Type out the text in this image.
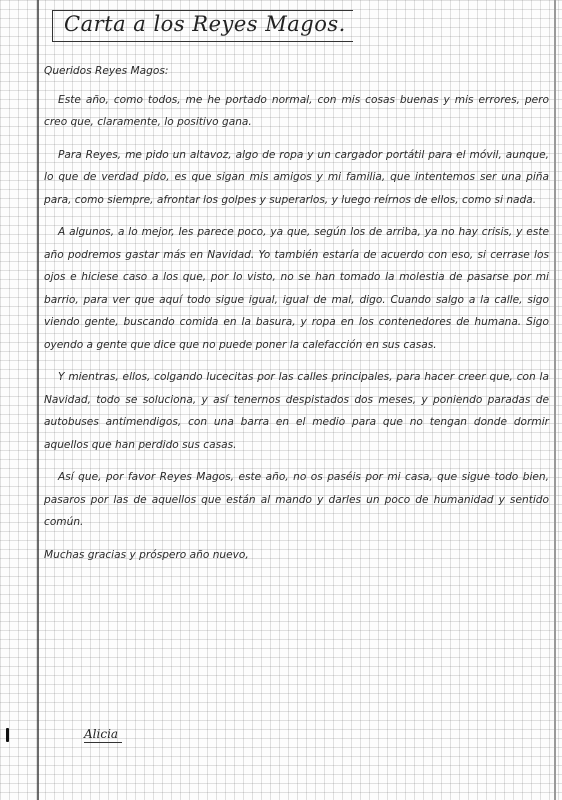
Carta a los Reyes Magos.

Queridos Reyes Magos:

Este año, como todos, me he portado normal, con mis cosas buenas y mis errores, pero creo que, claramente, lo positivo gana.

Para Reyes, me pido un altavoz, algo de ropa y un cargador portátil para el móvil, aunque, lo que de verdad pido, es que sigan mis amigos y mi familia, que intentemos ser una piña para, como siempre, afrontar los golpes y superarlos, y luego reírnos de ellos, como si nada.

A algunos, a lo mejor, les parece poco, ya que, según los de arriba, ya no hay crisis, y este año podremos gastar más en Navidad. Yo también estaría de acuerdo con eso, si cerrase los ojos e hiciese caso a los que, por lo visto, no se han tomado la molestia de pasarse por mi barrio, para ver que aquí todo sigue igual, igual de mal, digo. Cuando salgo a la calle, sigo viendo gente, buscando comida en la basura, y ropa en los contenedores de humana. Sigo oyendo a gente que dice que no puede poner la calefacción en sus casas.

Y mientras, ellos, colgando lucecitas por las calles principales, para hacer creer que, con la Navidad, todo se soluciona, y así tenernos despistados dos meses, y poniendo paradas de autobuses antimendigos, con una barra en el medio para que no tengan donde dormir aquellos que han perdido sus casas.

Así que, por favor Reyes Magos, este año, no os paséis por mi casa, que sigue todo bien, pasaros por las de aquellos que están al mando y darles un poco de humanidad y sentido común.

Muchas gracias y próspero año nuevo,

Alicia
